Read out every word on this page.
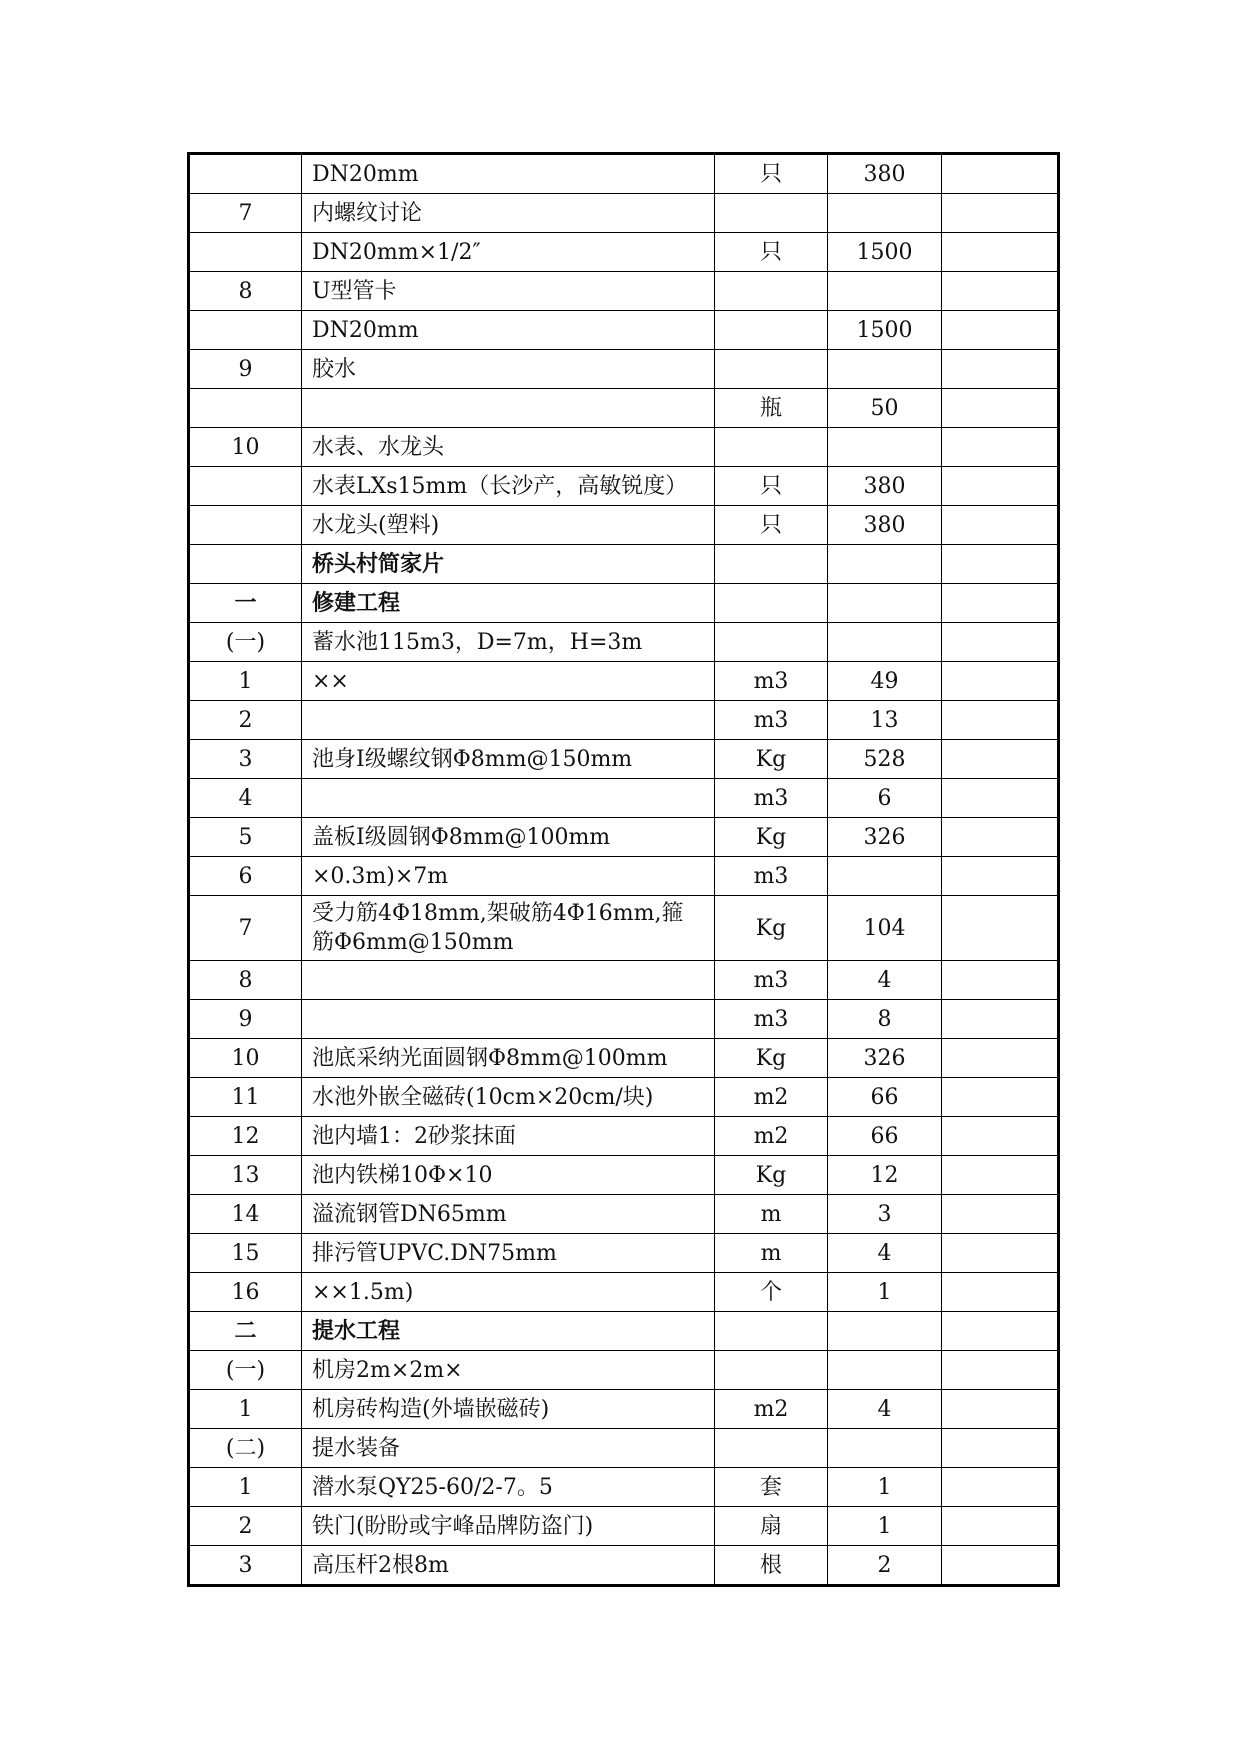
	DN20mm	只	380	
7	内螺纹讨论			
	DN20mm×1/2″	只	1500	
8	U型管卡			
	DN20mm		1500	
9	胶水			
		瓶	50	
10	水表、水龙头			
	水表LXs15mm（长沙产，高敏锐度）	只	380	
	水龙头(塑料)	只	380	
	桥头村简家片			
一	修建工程			
(一)	蓄水池115m3，D=7m，H=3m			
1	××	m3	49	
2		m3	13	
3	池身Ⅰ级螺纹钢Φ8mm@150mm	Kg	528	
4		m3	6	
5	盖板Ⅰ级圆钢Φ8mm@100mm	Kg	326	
6	×0.3m)×7m	m3		
7	受力筋4Φ18mm,架破筋4Φ16mm,箍筋Φ6mm@150mm	Kg	104	
8		m3	4	
9		m3	8	
10	池底采纳光面圆钢Φ8mm@100mm	Kg	326	
11	水池外嵌全磁砖(10cm×20cm/块)	m2	66	
12	池内墙1：2砂浆抹面	m2	66	
13	池内铁梯10Φ×10	Kg	12	
14	溢流钢管DN65mm	m	3	
15	排污管UPVC.DN75mm	m	4	
16	××1.5m)	个	1	
二	提水工程			
(一)	机房2m×2m×			
1	机房砖构造(外墙嵌磁砖)	m2	4	
(二)	提水装备			
1	潜水泵QY25-60/2-7。5	套	1	
2	铁门(盼盼或宇峰品牌防盗门)	扇	1	
3	高压杆2根8m	根	2	
